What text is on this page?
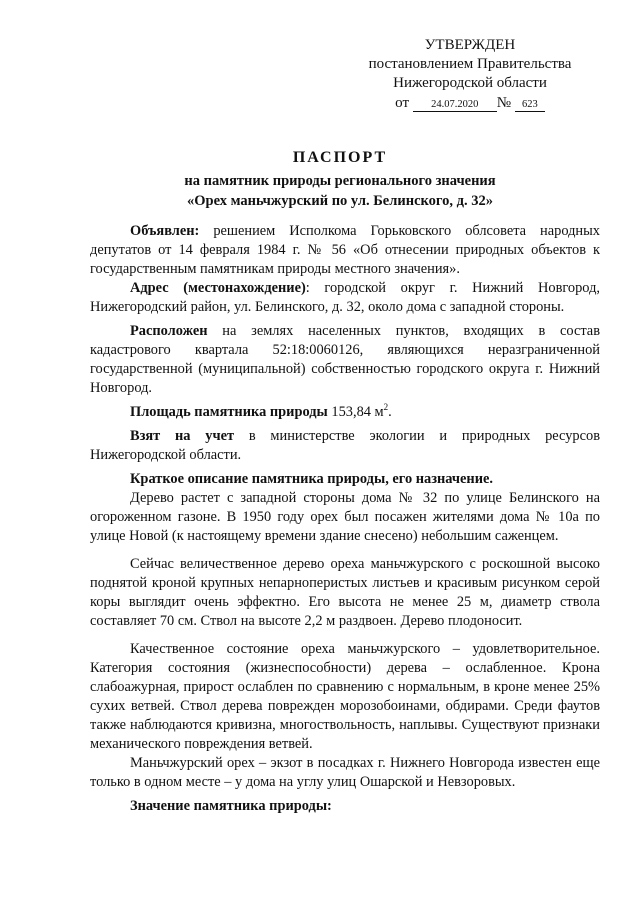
УТВЕРЖДЕН
постановлением Правительства
Нижегородской области
от 24.07.2020 № 623
ПАСПОРТ
на памятник природы регионального значения
«Орех маньчжурский по ул. Белинского, д. 32»

Объявлен: решением Исполкома Горьковского облсовета народных депутатов от 14 февраля 1984 г. № 56 «Об отнесении природных объектов к государственным памятникам природы местного значения».

Адрес (местонахождение): городской округ г. Нижний Новгород, Нижегородский район, ул. Белинского, д. 32, около дома с западной стороны.

Расположен на землях населенных пунктов, входящих в состав кадастрового квартала 52:18:0060126, являющихся неразграниченной государственной (муниципальной) собственностью городского округа г. Нижний Новгород.

Площадь памятника природы 153,84 $м^2$.

Взят на учет в министерстве экологии и природных ресурсов Нижегородской области.

Краткое описание памятника природы, его назначение.

Дерево растет с западной стороны дома № 32 по улице Белинского на огороженном газоне. В 1950 году орех был посажен жителями дома № 10а по улице Новой (к настоящему времени здание снесено) небольшим саженцем.

Сейчас величественное дерево ореха маньчжурского с роскошной высоко поднятой кроной крупных непарноперистых листьев и красивым рисунком серой коры выглядит очень эффектно. Его высота не менее 25 м, диаметр ствола составляет 70 см. Ствол на высоте 2,2 м раздвоен. Дерево плодоносит.

Качественное состояние ореха маньчжурского – удовлетворительное. Категория состояния (жизнеспособности) дерева – ослабленное. Крона слабоажурная, прирост ослаблен по сравнению с нормальным, в кроне менее 25% сухих ветвей. Ствол дерева поврежден морозобоинами, обдирами. Среди фаутов также наблюдаются кривизна, многоствольность, наплывы. Существуют признаки механического повреждения ветвей.

Маньчжурский орех – экзот в посадках г. Нижнего Новгорода известен еще только в одном месте – у дома на углу улиц Ошарской и Невзоровых.

Значение памятника природы:
